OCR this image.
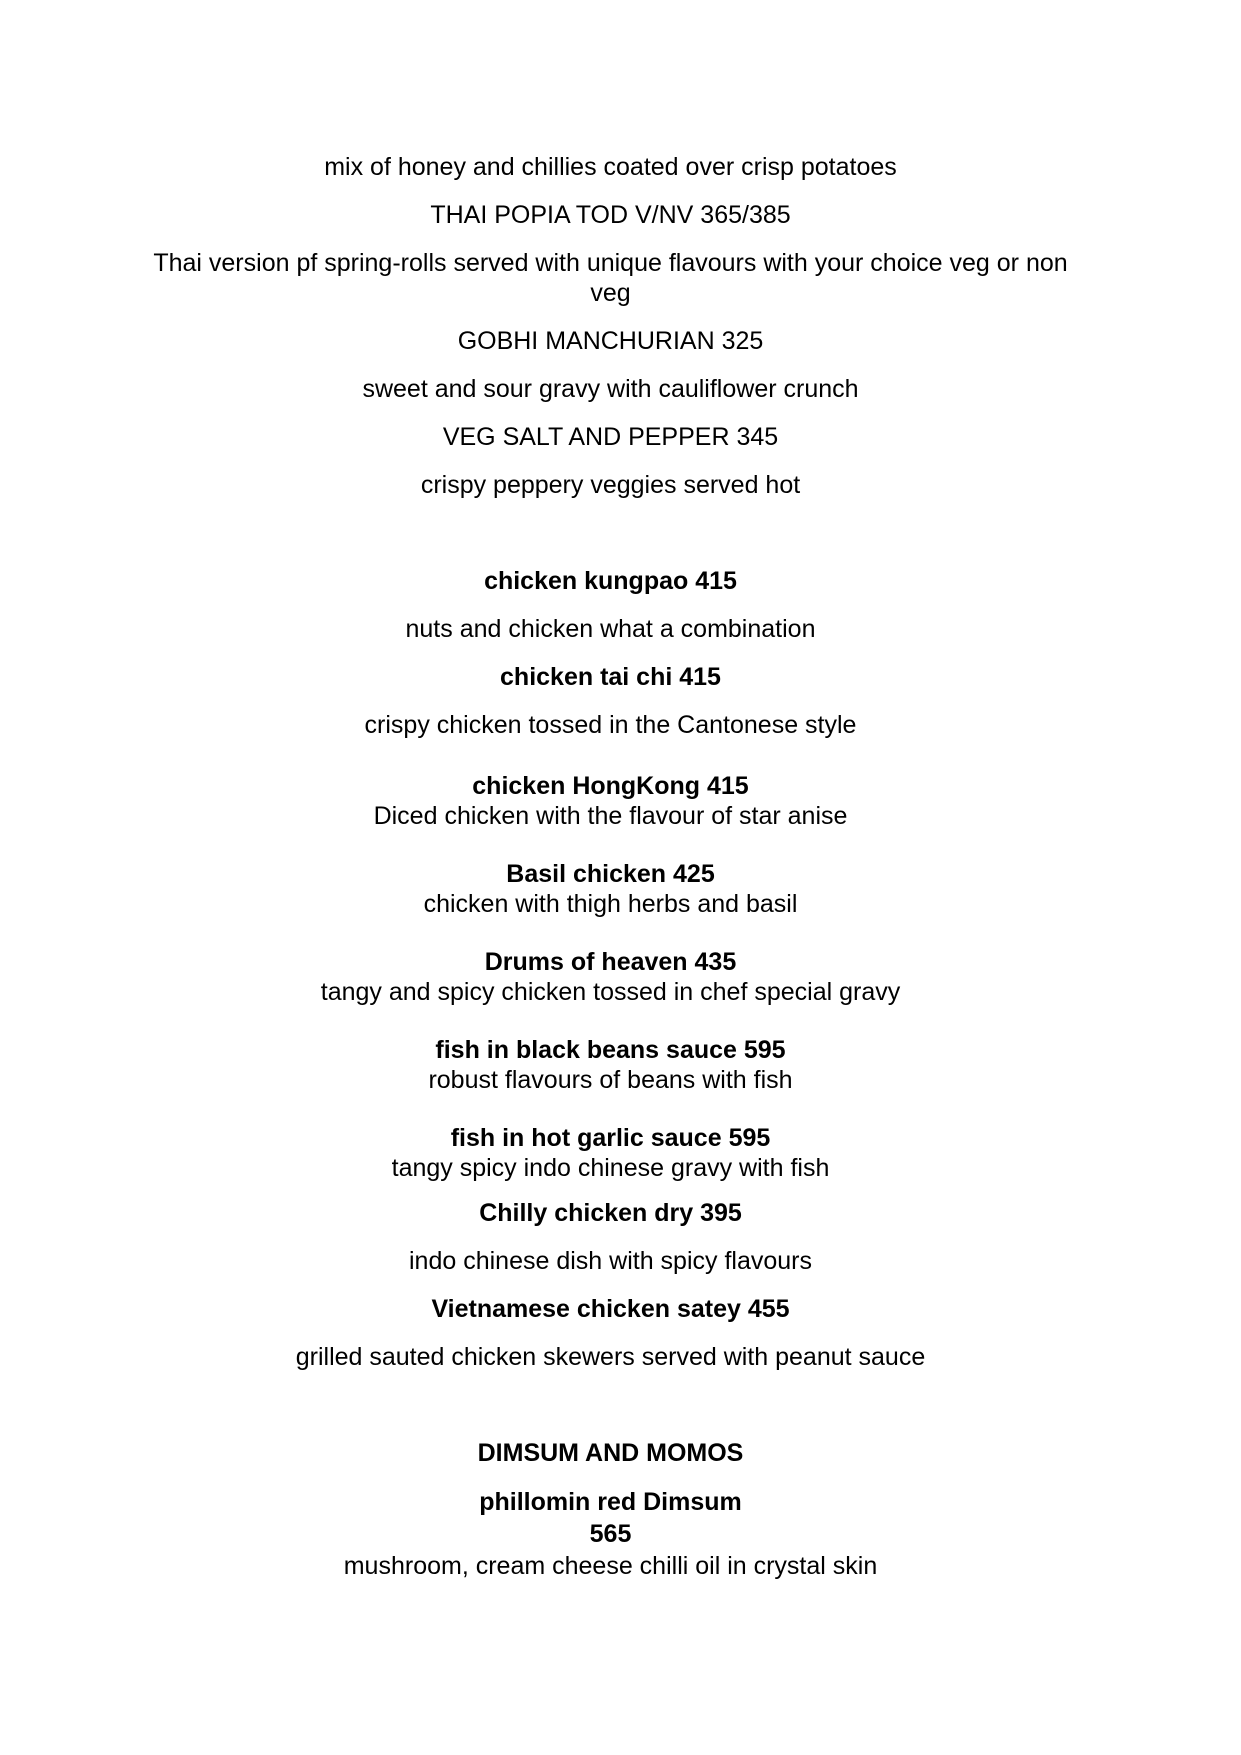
mix of honey and chillies coated over crisp potatoes

THAI POPIA TOD V/NV 365/385

Thai version pf spring-rolls served with unique flavours with your choice veg or non veg

GOBHI MANCHURIAN 325

sweet and sour gravy with cauliflower crunch

VEG SALT AND PEPPER 345

crispy peppery veggies served hot

chicken kungpao 415

nuts and chicken what a combination

chicken tai chi 415

crispy chicken tossed in the Cantonese style

chicken HongKong 415
Diced chicken with the flavour of star anise

Basil chicken 425
chicken with thigh herbs and basil

Drums of heaven 435
tangy and spicy chicken tossed in chef special gravy

fish in black beans sauce 595
robust flavours of beans with fish

fish in hot garlic sauce 595
tangy spicy indo chinese gravy with fish

Chilly chicken dry 395

indo chinese dish with spicy flavours

Vietnamese chicken satey 455

grilled sauted chicken skewers served with peanut sauce

DIMSUM AND MOMOS

phillomin red Dimsum
565

mushroom, cream cheese chilli oil in crystal skin
